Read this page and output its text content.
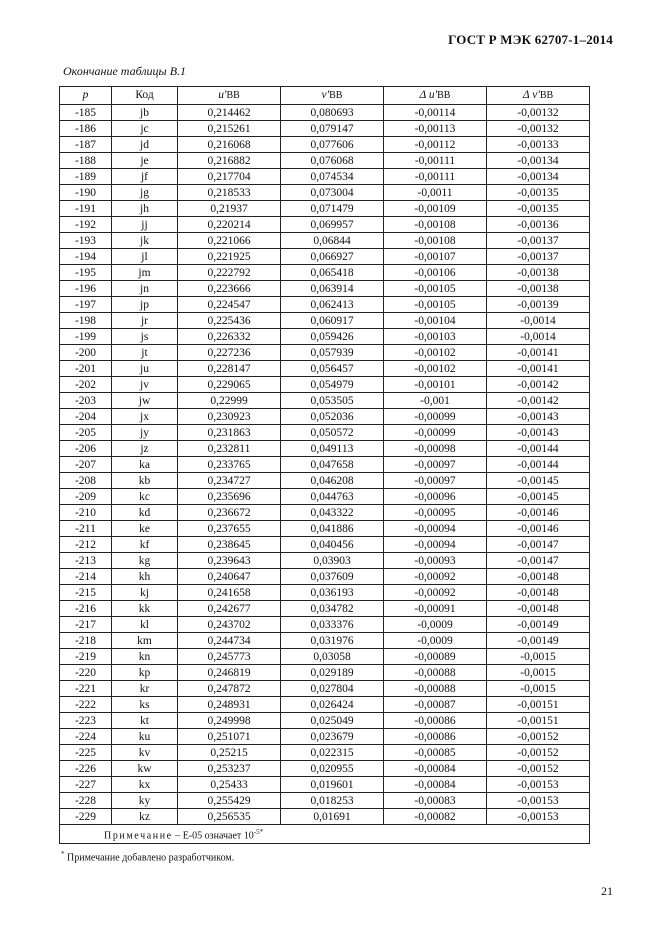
ГОСТ Р МЭК 62707-1–2014
Окончание таблицы B.1
p	Код	u'BB	v'BB	Δ u'BB	Δ v'BB
-185	jb	0,214462	0,080693	-0,00114	-0,00132
-186	jc	0,215261	0,079147	-0,00113	-0,00132
-187	jd	0,216068	0,077606	-0,00112	-0,00133
-188	je	0,216882	0,076068	-0,00111	-0,00134
-189	jf	0,217704	0,074534	-0,00111	-0,00134
-190	jg	0,218533	0,073004	-0,0011	-0,00135
-191	jh	0,21937	0,071479	-0,00109	-0,00135
-192	jj	0,220214	0,069957	-0,00108	-0,00136
-193	jk	0,221066	0,06844	-0,00108	-0,00137
-194	jl	0,221925	0,066927	-0,00107	-0,00137
-195	jm	0,222792	0,065418	-0,00106	-0,00138
-196	jn	0,223666	0,063914	-0,00105	-0,00138
-197	jp	0,224547	0,062413	-0,00105	-0,00139
-198	jr	0,225436	0,060917	-0,00104	-0,0014
-199	js	0,226332	0,059426	-0,00103	-0,0014
-200	jt	0,227236	0,057939	-0,00102	-0,00141
-201	ju	0,228147	0,056457	-0,00102	-0,00141
-202	jv	0,229065	0,054979	-0,00101	-0,00142
-203	jw	0,22999	0,053505	-0,001	-0,00142
-204	jx	0,230923	0,052036	-0,00099	-0,00143
-205	jy	0,231863	0,050572	-0,00099	-0,00143
-206	jz	0,232811	0,049113	-0,00098	-0,00144
-207	ka	0,233765	0,047658	-0,00097	-0,00144
-208	kb	0,234727	0,046208	-0,00097	-0,00145
-209	kc	0,235696	0,044763	-0,00096	-0,00145
-210	kd	0,236672	0,043322	-0,00095	-0,00146
-211	ke	0,237655	0,041886	-0,00094	-0,00146
-212	kf	0,238645	0,040456	-0,00094	-0,00147
-213	kg	0,239643	0,03903	-0,00093	-0,00147
-214	kh	0,240647	0,037609	-0,00092	-0,00148
-215	kj	0,241658	0,036193	-0,00092	-0,00148
-216	kk	0,242677	0,034782	-0,00091	-0,00148
-217	kl	0,243702	0,033376	-0,0009	-0,00149
-218	km	0,244734	0,031976	-0,0009	-0,00149
-219	kn	0,245773	0,03058	-0,00089	-0,0015
-220	kp	0,246819	0,029189	-0,00088	-0,0015
-221	kr	0,247872	0,027804	-0,00088	-0,0015
-222	ks	0,248931	0,026424	-0,00087	-0,00151
-223	kt	0,249998	0,025049	-0,00086	-0,00151
-224	ku	0,251071	0,023679	-0,00086	-0,00152
-225	kv	0,25215	0,022315	-0,00085	-0,00152
-226	kw	0,253237	0,020955	-0,00084	-0,00152
-227	kx	0,25433	0,019601	-0,00084	-0,00153
-228	ky	0,255429	0,018253	-0,00083	-0,00153
-229	kz	0,256535	0,01691	-0,00082	-0,00153
Примечание – E-05 означает 10$^{-5*}$
* Примечание добавлено разработчиком.
21
